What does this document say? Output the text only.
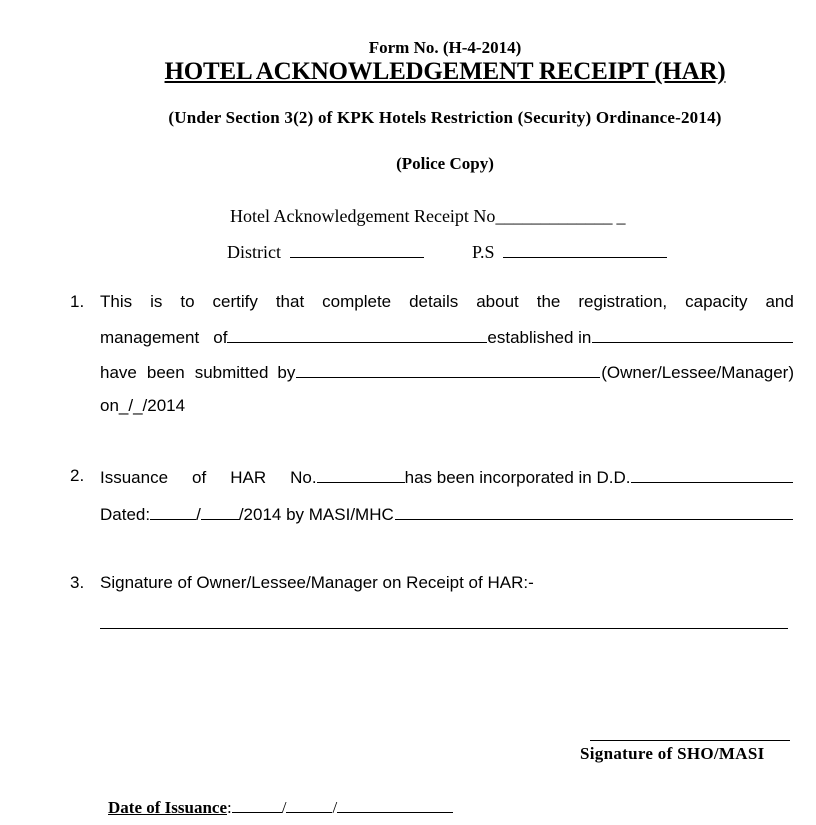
Form No. (H-4-2014)
HOTEL ACKNOWLEDGEMENT RECEIPT (HAR)
(Under Section 3(2) of KPK Hotels Restriction (Security) Ordinance-2014)
(Police Copy)
Hotel Acknowledgement Receipt No_____________ _
District	P.S
1. This is to certify that complete details about the registration, capacity and
management of	established in
have been submitted by	(Owner/Lessee/Manager)
on_/_/2014
2. Issuance of HAR No.	has been incorporated in D.D.
Dated:	/ /2014 by MASI/MHC
3. Signature of Owner/Lessee/Manager on Receipt of HAR:-
Signature of SHO/MASI
Date of Issuance:	/	/
